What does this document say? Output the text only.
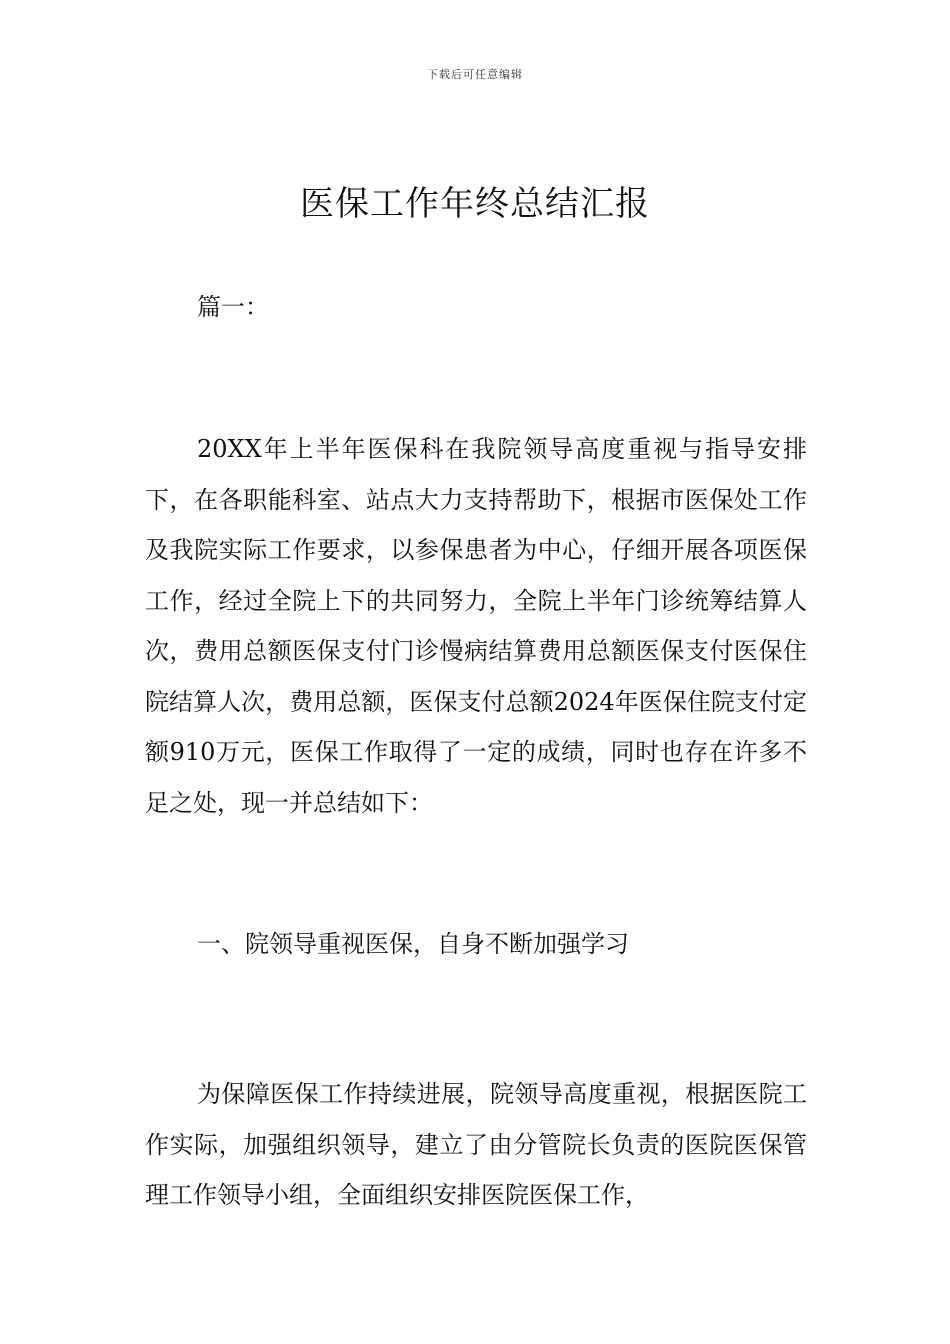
下载后可任意编辑
医保工作年终总结汇报

篇一：

20XX年上半年医保科在我院领导高度重视与指导安排下，在各职能科室、站点大力支持帮助下，根据市医保处工作及我院实际工作要求，以参保患者为中心，仔细开展各项医保工作，经过全院上下的共同努力，全院上半年门诊统筹结算人次，费用总额医保支付门诊慢病结算费用总额医保支付医保住院结算人次，费用总额，医保支付总额2024年医保住院支付定额910万元，医保工作取得了一定的成绩，同时也存在许多不足之处，现一并总结如下：

一、院领导重视医保，自身不断加强学习

为保障医保工作持续进展，院领导高度重视，根据医院工作实际，加强组织领导，建立了由分管院长负责的医院医保管理工作领导小组，全面组织安排医院医保工作，
